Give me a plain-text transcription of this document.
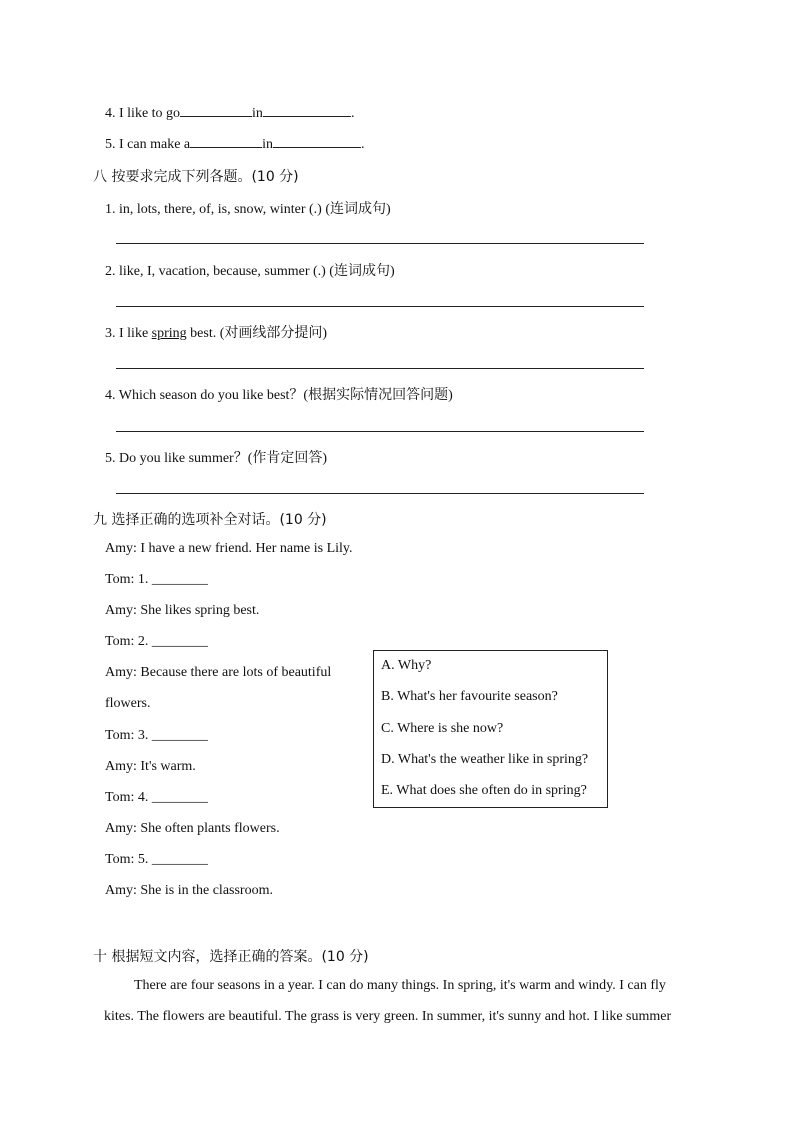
4. I like to go	in	.
5. I can make a	in	.
八 按要求完成下列各题。(10 分)
1. in, lots, there, of, is, snow, winter (.) (连词成句)
2. like, I, vacation, because, summer (.) (连词成句)
3. I like spring best. (对画线部分提问)
4. Which season do you like best？(根据实际情况回答问题)
5. Do you like summer？(作肯定回答)
九 选择正确的选项补全对话。(10 分)
Amy: I have a new friend. Her name is Lily.
Tom: 1. ________
Amy: She likes spring best.
Tom: 2. ________
Amy: Because there are lots of beautiful
flowers.
Tom: 3. ________
Amy: It's warm.
Tom: 4. ________
Amy: She often plants flowers.
Tom: 5. ________
Amy: She is in the classroom.
A. Why?
B. What's her favourite season?
C. Where is she now?
D. What's the weather like in spring?
E. What does she often do in spring?
十 根据短文内容，选择正确的答案。(10 分)
There are four seasons in a year. I can do many things. In spring, it's warm and windy. I can fly
kites. The flowers are beautiful. The grass is very green. In summer, it's sunny and hot. I like summer
